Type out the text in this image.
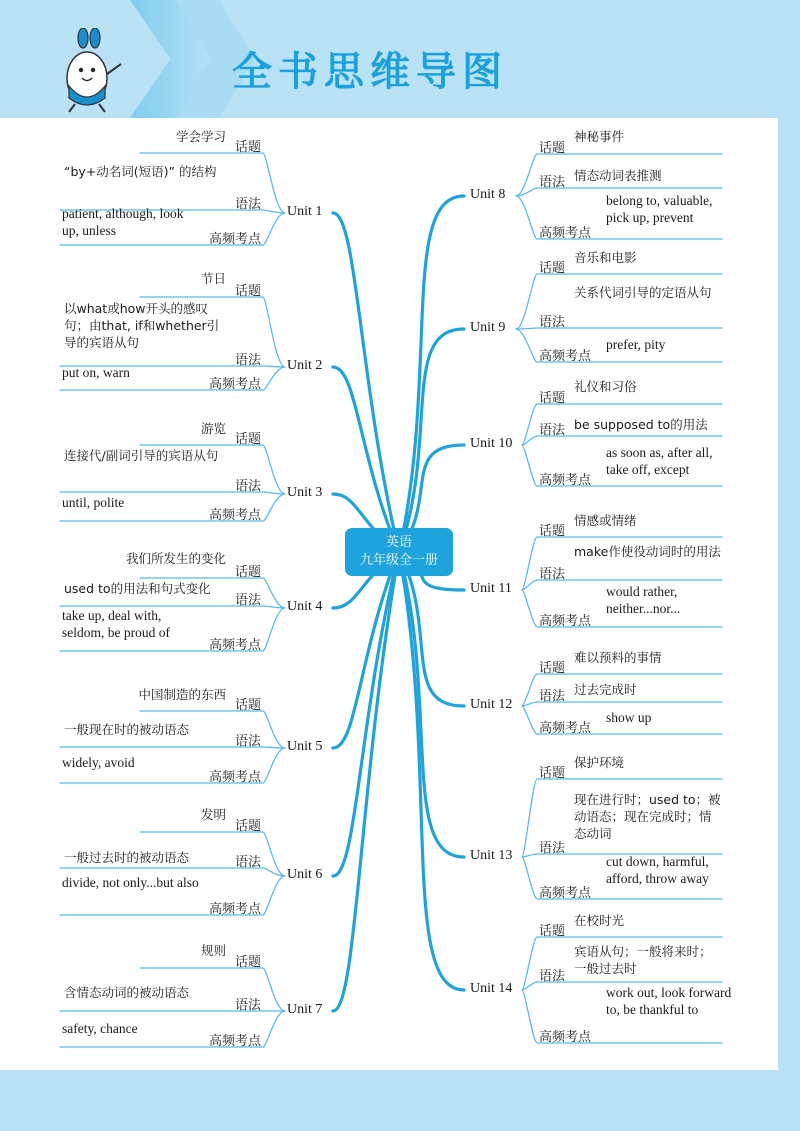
全书思维导图
英语
九年级全一册
Unit 1
话题
语法
高频考点
学会学习
“by+动名词(短语)” 的结构
patient, although, look up, unless
Unit 2
话题
语法
高频考点
节日
以what或how开头的感叹句；由that, if和whether引导的宾语从句
put on, warn
Unit 3
话题
语法
高频考点
游览
连接代/副词引导的宾语从句
until, polite
Unit 4
话题
语法
高频考点
我们所发生的变化
used to的用法和句式变化
take up, deal with, seldom, be proud of
Unit 5
话题
语法
高频考点
中国制造的东西
一般现在时的被动语态
widely, avoid
Unit 6
话题
语法
高频考点
发明
一般过去时的被动语态
divide, not only...but also
Unit 7
话题
语法
高频考点
规则
含情态动词的被动语态
safety, chance
Unit 8
话题
语法
高频考点
神秘事件
情态动词表推测
belong to, valuable, pick up, prevent
Unit 9
话题
语法
高频考点
音乐和电影
关系代词引导的定语从句
prefer, pity
Unit 10
话题
语法
高频考点
礼仪和习俗
be supposed to的用法
as soon as, after all, take off, except
Unit 11
话题
语法
高频考点
情感或情绪
make作使役动词时的用法
would rather, neither...nor...
Unit 12
话题
语法
高频考点
难以预料的事情
过去完成时
show up
Unit 13
话题
语法
高频考点
保护环境
现在进行时；used to；被动语态；现在完成时；情态动词
cut down, harmful, afford, throw away
Unit 14
话题
语法
高频考点
在校时光
宾语从句；一般将来时；一般过去时
work out, look forward to, be thankful to
